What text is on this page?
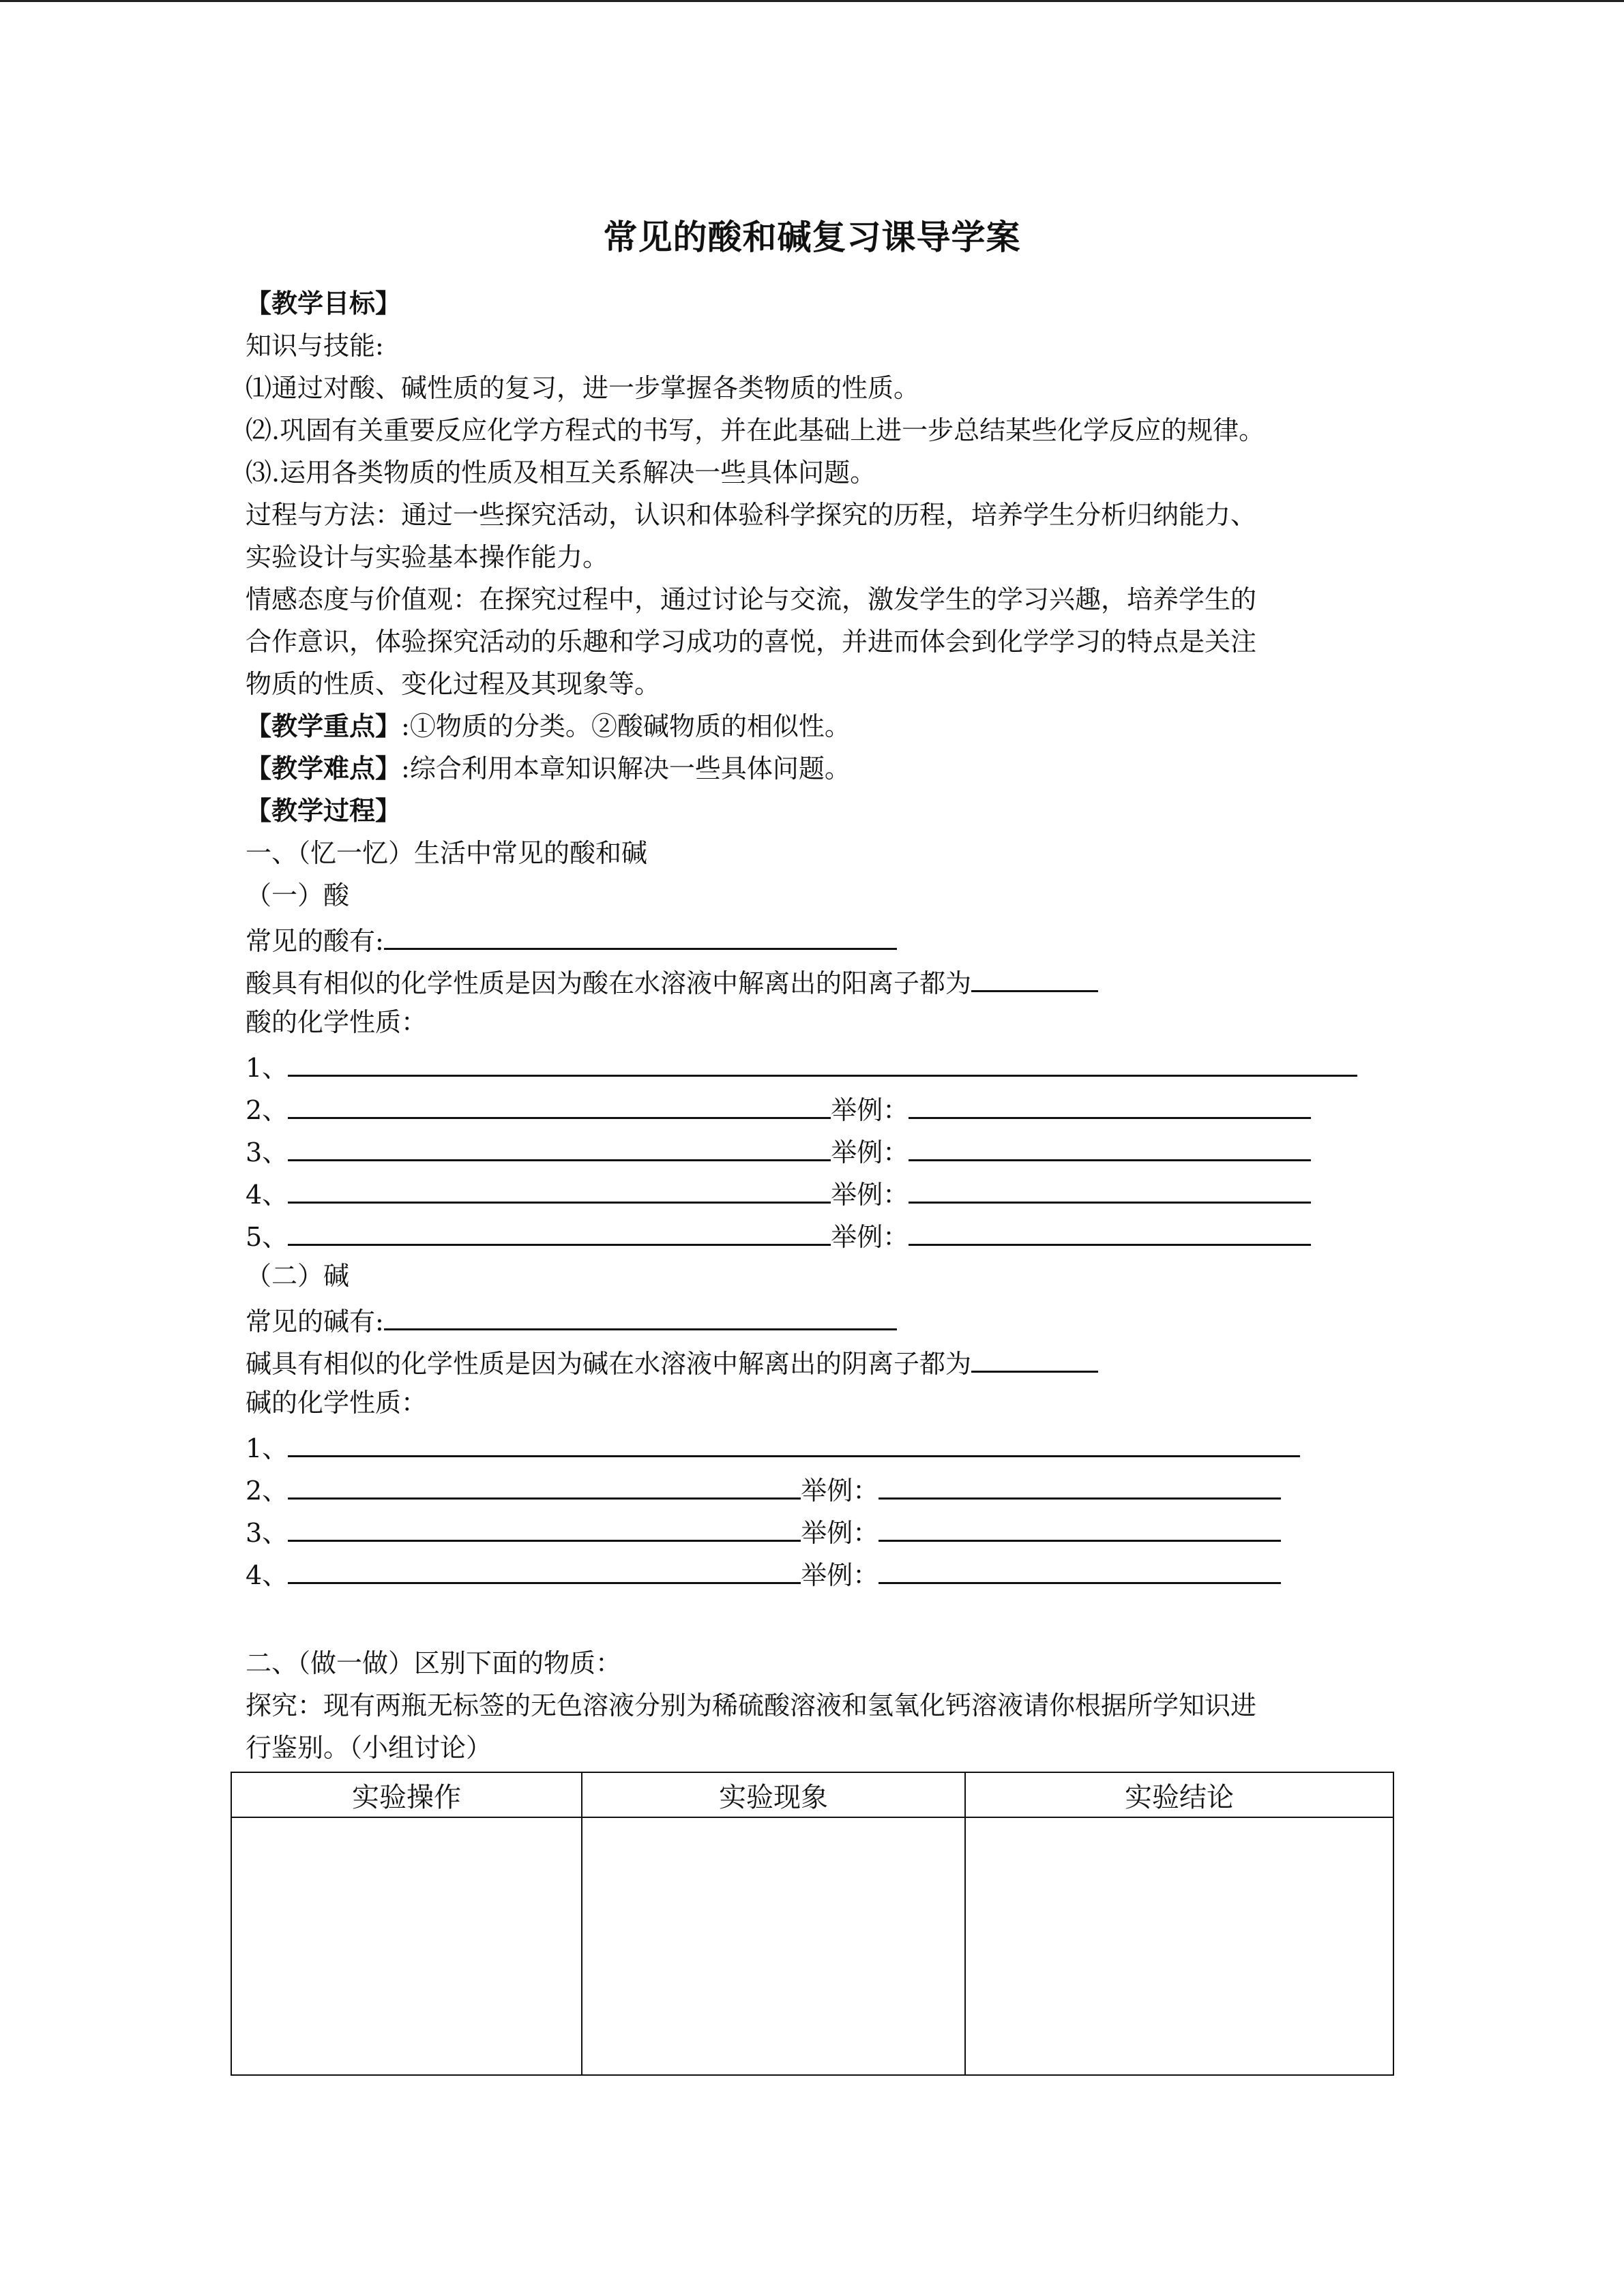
常见的酸和碱复习课导学案
【教学目标】
知识与技能:
⑴通过对酸、碱性质的复习，进一步掌握各类物质的性质。
⑵.巩固有关重要反应化学方程式的书写，并在此基础上进一步总结某些化学反应的规律。
⑶.运用各类物质的性质及相互关系解决一些具体问题。
过程与方法：通过一些探究活动，认识和体验科学探究的历程，培养学生分析归纳能力、
实验设计与实验基本操作能力。
情感态度与价值观：在探究过程中，通过讨论与交流，激发学生的学习兴趣，培养学生的
合作意识，体验探究活动的乐趣和学习成功的喜悦，并进而体会到化学学习的特点是关注
物质的性质、变化过程及其现象等。
【教学重点】:①物质的分类。②酸碱物质的相似性。
【教学难点】:综合利用本章知识解决一些具体问题。
【教学过程】
一、（忆一忆）生活中常见的酸和碱
（一）酸
常见的酸有:
酸具有相似的化学性质是因为酸在水溶液中解离出的阳离子都为
酸的化学性质：
1、
2、	举例：
3、	举例：
4、	举例：
5、	举例：
（二）碱
常见的碱有:
碱具有相似的化学性质是因为碱在水溶液中解离出的阴离子都为
碱的化学性质：
1、
2、	举例：
3、	举例：
4、	举例：
二、（做一做）区别下面的物质：
探究：现有两瓶无标签的无色溶液分别为稀硫酸溶液和氢氧化钙溶液请你根据所学知识进
行鉴别。（小组讨论）
实验操作	实验现象	实验结论
